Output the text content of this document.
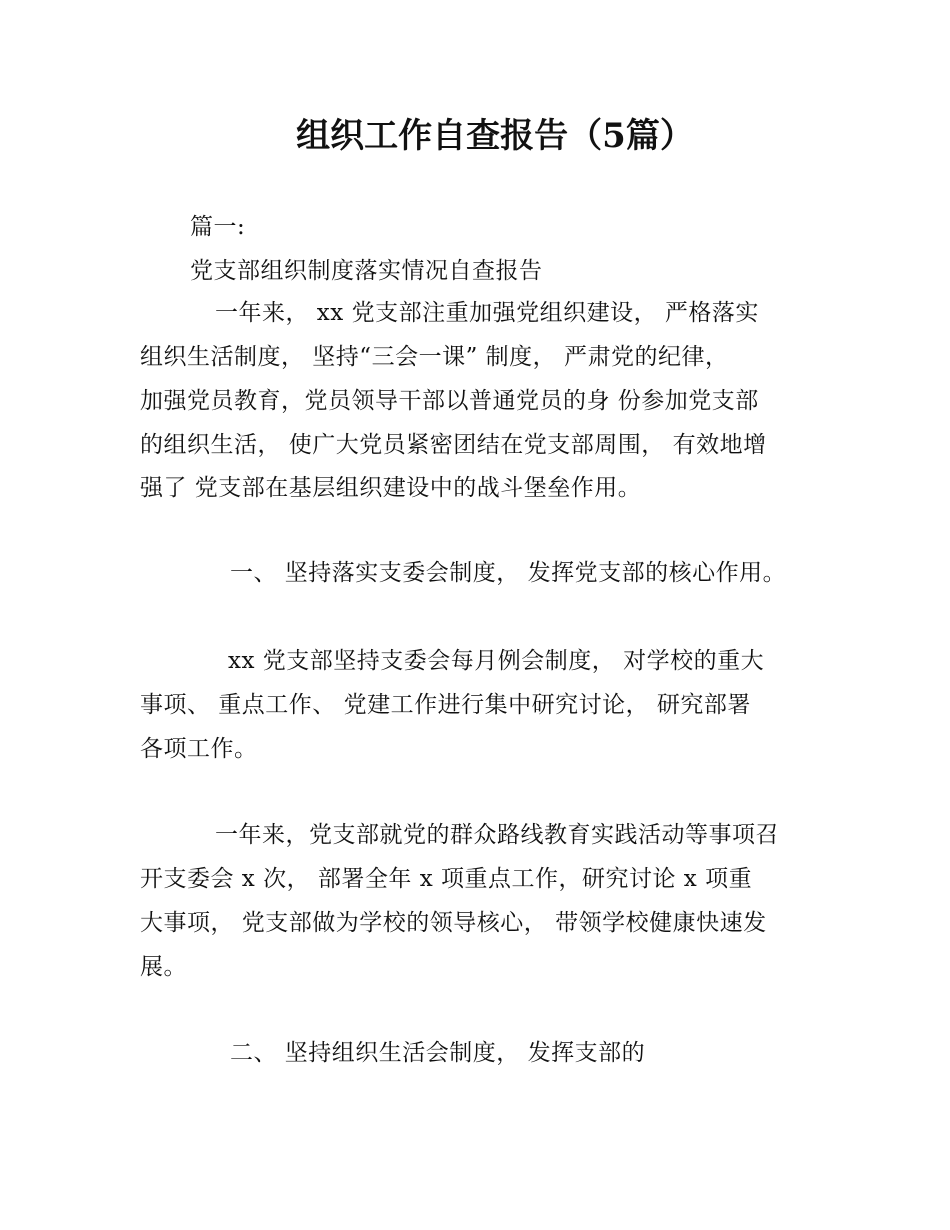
组织工作自查报告（5篇）
篇一:
党支部组织制度落实情况自查报告
一年来， xx 党支部注重加强党组织建设， 严格落实
组织生活制度， 坚持“三会一课” 制度， 严肃党的纪律，
加强党员教育，党员领导干部以普通党员的身 份参加党支部
的组织生活， 使广大党员紧密团结在党支部周围， 有效地增
强了 党支部在基层组织建设中的战斗堡垒作用。
一、 坚持落实支委会制度， 发挥党支部的核心作用。
xx 党支部坚持支委会每月例会制度， 对学校的重大
事项、 重点工作、 党建工作进行集中研究讨论， 研究部署
各项工作。
一年来，党支部就党的群众路线教育实践活动等事项召
开支委会 x 次， 部署全年 x 项重点工作，研究讨论 x 项重
大事项， 党支部做为学校的领导核心， 带领学校健康快速发
展。
二、 坚持组织生活会制度， 发挥支部的
